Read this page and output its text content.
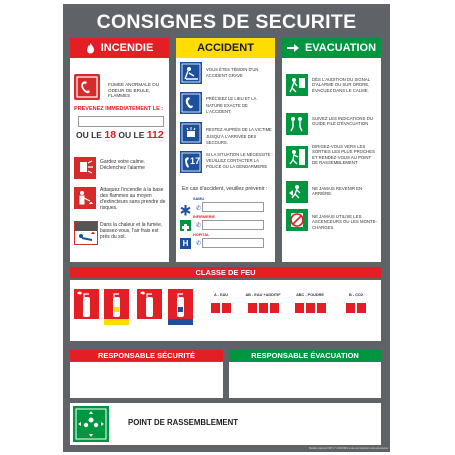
CONSIGNES DE SECURITE
INCENDIE
FUMEE ANORMALE OU ODEUR DE BRULE, FLAMMES
PREVENEZ IMMEDIATEMENT LE :
OU LE 18 OU LE 112
Gardez votre calme. Déclenchez l'alarme
Attaquez l'incendie à la base des flammes au moyen d'extincteurs sans prendre de risques.
Dans la chaleur et la fumée, baissez-vous, l'air frais est près du sol.
ACCIDENT
VOUS ÊTES TÉMOIN D'UN ACCIDENT GRAVE
PRÉCISEZ LE LIEU ET LA NATURE EXACTE DE L'ACCIDENT.
RESTEZ AUPRÈS DE LA VICTIME JUSQU'À L'ARRIVÉE DES SECOURS.
17
SI LA SITUATION LE NÉCESSITE : VEUILLEZ CONTACTER LA POLICE OU LA GENDARMERIE
En cas d'accident, veuillez prévenir :
SAMU
✆
INFIRMERIE
✆
H
HOPITAL
✆
EVACUATION
DÈS L'AUDITION DU SIGNAL D'ALARME OU SUR ORDRE, ÉVACUEZ DANS LE CALME.
SUIVEZ LES INDICATIONS DU GUIDE FILE D'ÉVACUATION
DIRIGEZ-VOUS VERS LES SORTIES LES PLUS PROCHES ET RENDEZ-VOUS AU POINT DE RASSEMBLEMENT
NE JAMAIS REVENIR EN ARRIÈRE.
NE JAMAIS UTILISE LES ASCENCEURS OU LES MONTE-CHARGES.
CLASSE DE FEU
A - EAU	AB - EAU +ADDITIF	ABC - POUDRE	B - CO2
RESPONSABLE SÉCURITÉ	RESPONSABLE ÉVACUATION
POINT DE RASSEMBLEMENT
Modèle déposé INPI n° 20244981 toute reproduction sera poursuivie
